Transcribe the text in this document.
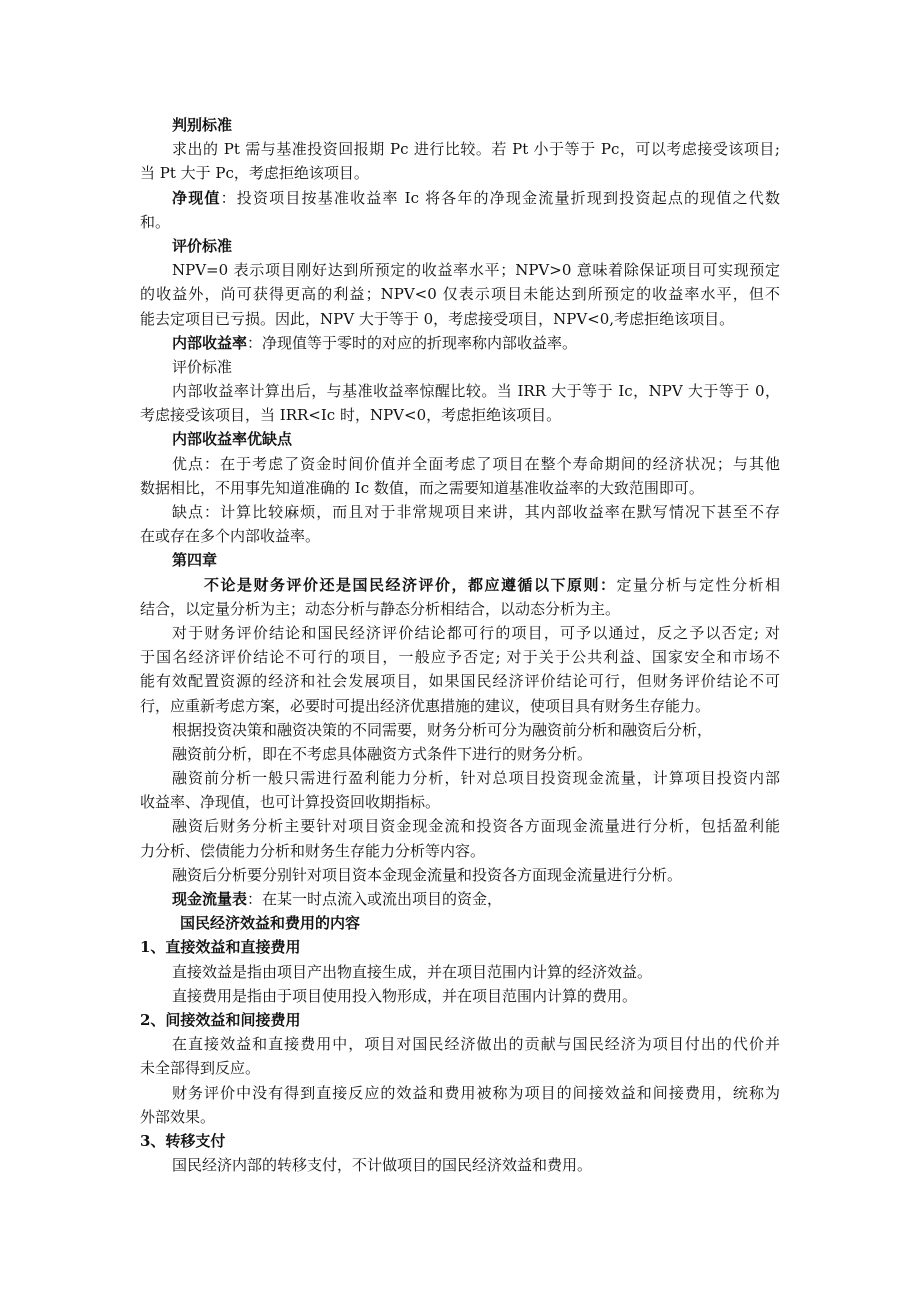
判别标准
求出的 Pt 需与基准投资回报期 Pc 进行比较。若 Pt 小于等于 Pc，可以考虑接受该项目;
当 Pt 大于 Pc，考虑拒绝该项目。
净现值：投资项目按基准收益率 Ic 将各年的净现金流量折现到投资起点的现值之代数
和。
评价标准
NPV=0 表示项目刚好达到所预定的收益率水平；NPV>0 意味着除保证项目可实现预定
的收益外，尚可获得更高的利益；NPV<0 仅表示项目未能达到所预定的收益率水平，但不
能去定项目已亏损。因此，NPV 大于等于 0，考虑接受项目，NPV<0,考虑拒绝该项目。
内部收益率：净现值等于零时的对应的折现率称内部收益率。
评价标准
内部收益率计算出后，与基准收益率惊醒比较。当 IRR 大于等于 Ic，NPV 大于等于 0，
考虑接受该项目，当 IRR<Ic 时，NPV<0，考虑拒绝该项目。
内部收益率优缺点
优点：在于考虑了资金时间价值并全面考虑了项目在整个寿命期间的经济状况；与其他
数据相比，不用事先知道准确的 Ic 数值，而之需要知道基准收益率的大致范围即可。
缺点：计算比较麻烦，而且对于非常规项目来讲，其内部收益率在默写情况下甚至不存
在或存在多个内部收益率。
第四章
不论是财务评价还是国民经济评价，都应遵循以下原则：定量分析与定性分析相
结合，以定量分析为主；动态分析与静态分析相结合，以动态分析为主。
对于财务评价结论和国民经济评价结论都可行的项目，可予以通过，反之予以否定; 对
于国名经济评价结论不可行的项目，一般应予否定; 对于关于公共利益、国家安全和市场不
能有效配置资源的经济和社会发展项目，如果国民经济评价结论可行，但财务评价结论不可
行，应重新考虑方案，必要时可提出经济优惠措施的建议，使项目具有财务生存能力。
根据投资决策和融资决策的不同需要，财务分析可分为融资前分析和融资后分析，
融资前分析，即在不考虑具体融资方式条件下进行的财务分析。
融资前分析一般只需进行盈利能力分析，针对总项目投资现金流量，计算项目投资内部
收益率、净现值，也可计算投资回收期指标。
融资后财务分析主要针对项目资金现金流和投资各方面现金流量进行分析，包括盈利能
力分析、偿债能力分析和财务生存能力分析等内容。
融资后分析要分别针对项目资本金现金流量和投资各方面现金流量进行分析。
现金流量表：在某一时点流入或流出项目的资金，
国民经济效益和费用的内容
1、直接效益和直接费用
直接效益是指由项目产出物直接生成，并在项目范围内计算的经济效益。
直接费用是指由于项目使用投入物形成，并在项目范围内计算的费用。
2、间接效益和间接费用
在直接效益和直接费用中，项目对国民经济做出的贡献与国民经济为项目付出的代价并
未全部得到反应。
财务评价中没有得到直接反应的效益和费用被称为项目的间接效益和间接费用，统称为
外部效果。
3、转移支付
国民经济内部的转移支付，不计做项目的国民经济效益和费用。
